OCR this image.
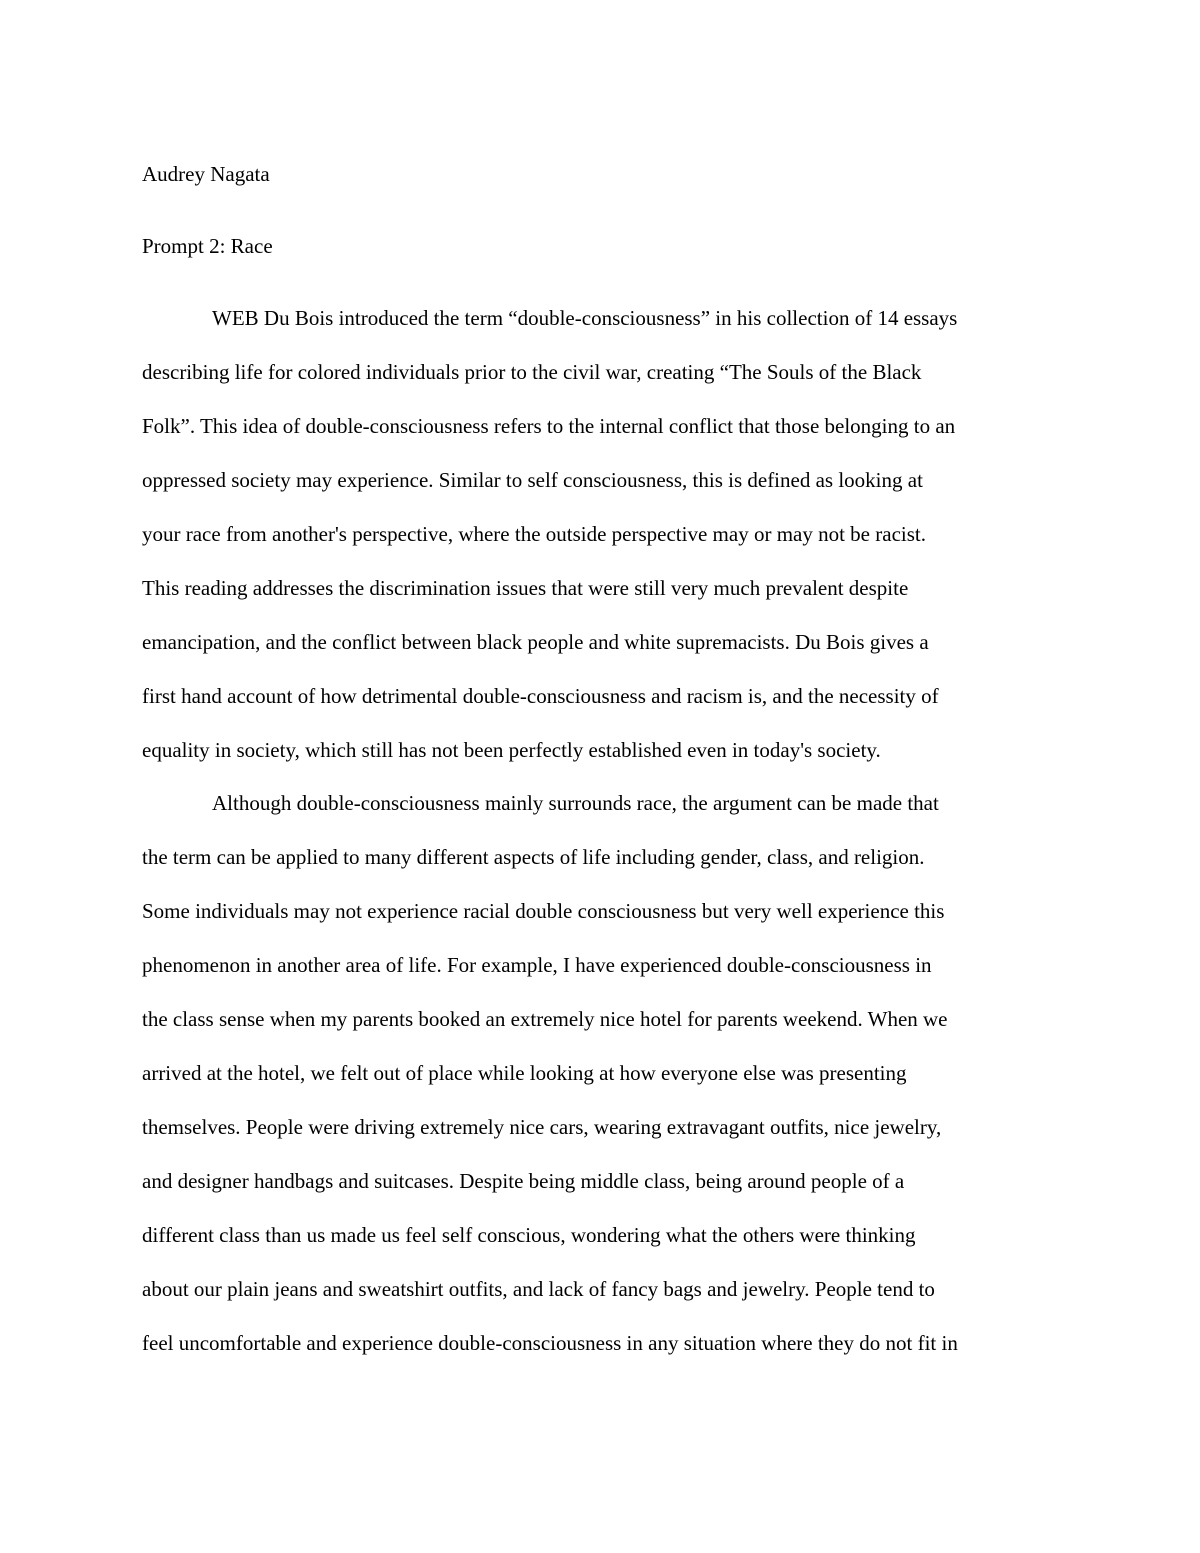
Audrey Nagata
Prompt 2: Race
WEB Du Bois introduced the term “double-consciousness” in his collection of 14 essays
describing life for colored individuals prior to the civil war, creating “The Souls of the Black
Folk”. This idea of double-consciousness refers to the internal conflict that those belonging to an
oppressed society may experience. Similar to self consciousness, this is defined as looking at
your race from another's perspective, where the outside perspective may or may not be racist.
This reading addresses the discrimination issues that were still very much prevalent despite
emancipation, and the conflict between black people and white supremacists. Du Bois gives a
first hand account of how detrimental double-consciousness and racism is, and the necessity of
equality in society, which still has not been perfectly established even in today's society.
Although double-consciousness mainly surrounds race, the argument can be made that
the term can be applied to many different aspects of life including gender, class, and religion.
Some individuals may not experience racial double consciousness but very well experience this
phenomenon in another area of life. For example, I have experienced double-consciousness in
the class sense when my parents booked an extremely nice hotel for parents weekend. When we
arrived at the hotel, we felt out of place while looking at how everyone else was presenting
themselves. People were driving extremely nice cars, wearing extravagant outfits, nice jewelry,
and designer handbags and suitcases. Despite being middle class, being around people of a
different class than us made us feel self conscious, wondering what the others were thinking
about our plain jeans and sweatshirt outfits, and lack of fancy bags and jewelry. People tend to
feel uncomfortable and experience double-consciousness in any situation where they do not fit in
